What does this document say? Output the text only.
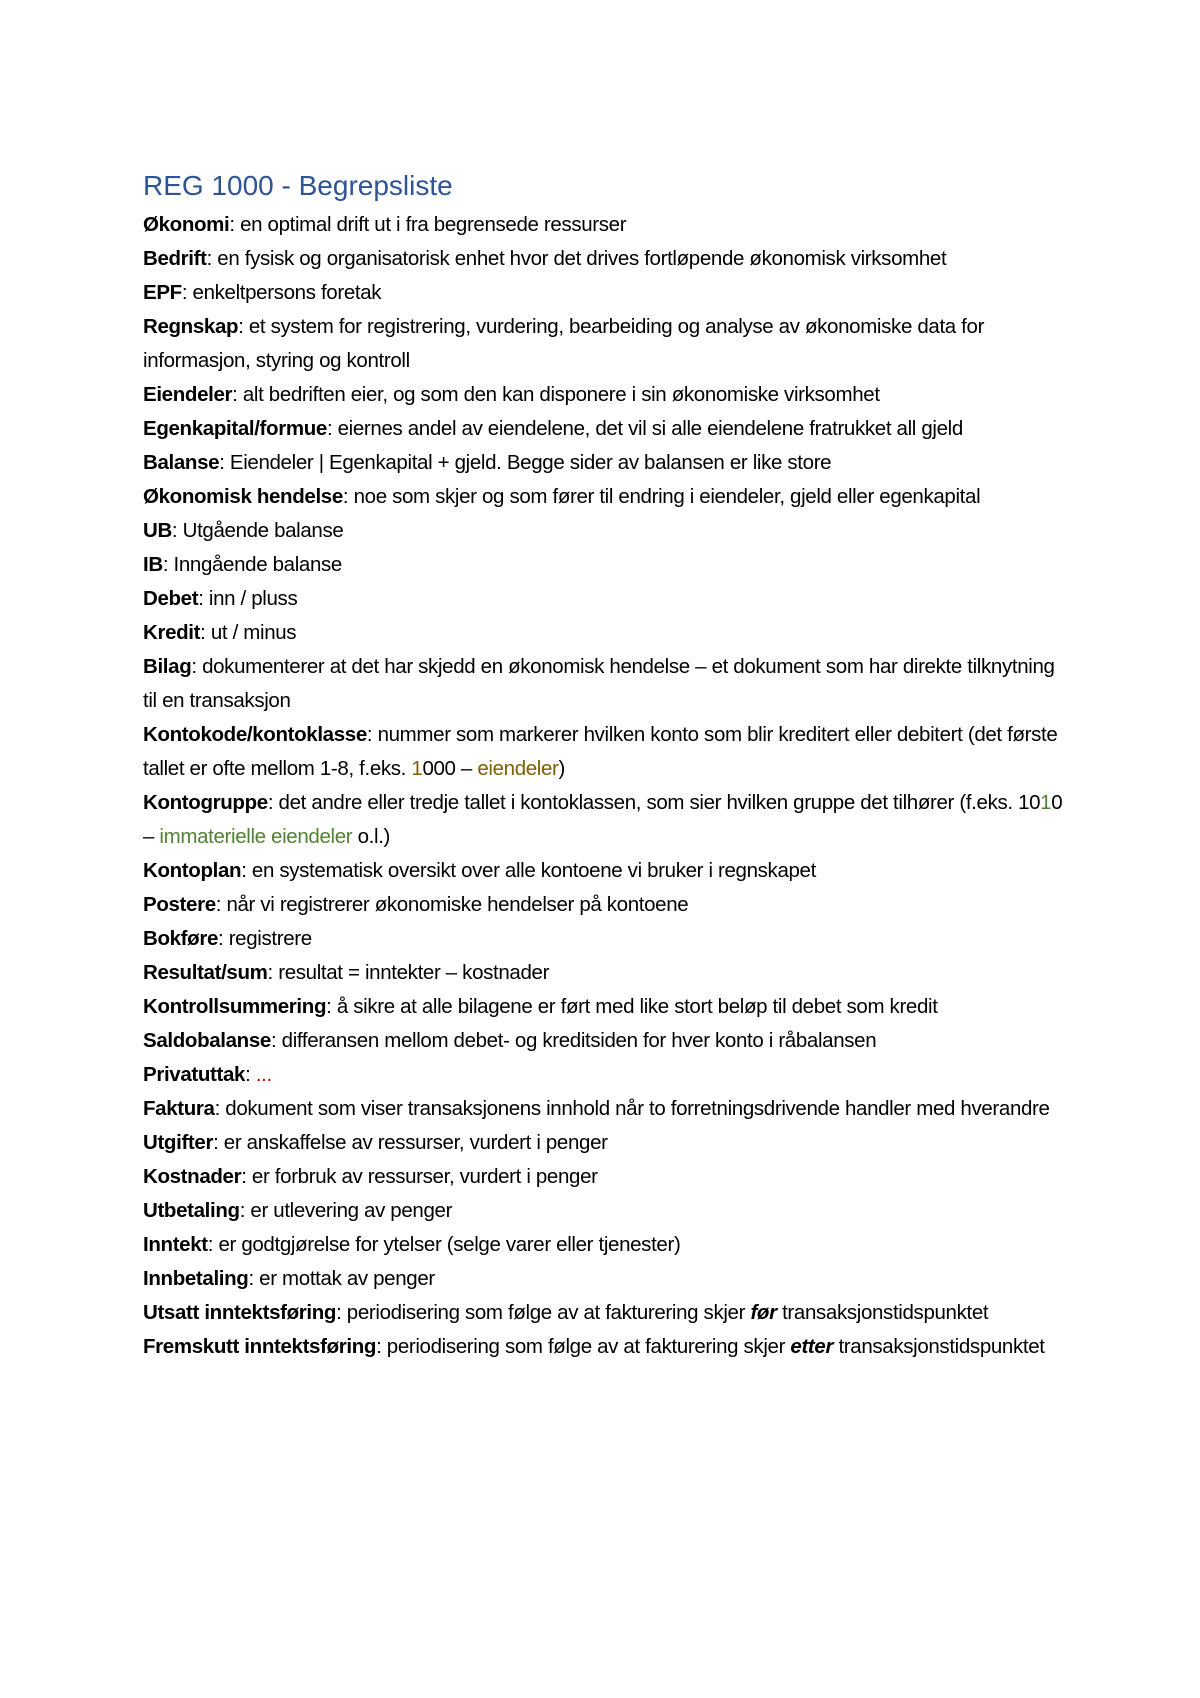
REG 1000 - Begrepsliste

Økonomi: en optimal drift ut i fra begrensede ressurser

Bedrift: en fysisk og organisatorisk enhet hvor det drives fortløpende økonomisk virksomhet

EPF: enkeltpersons foretak

Regnskap: et system for registrering, vurdering, bearbeiding og analyse av økonomiske data for informasjon, styring og kontroll

Eiendeler: alt bedriften eier, og som den kan disponere i sin økonomiske virksomhet

Egenkapital/formue: eiernes andel av eiendelene, det vil si alle eiendelene fratrukket all gjeld

Balanse: Eiendeler | Egenkapital + gjeld. Begge sider av balansen er like store

Økonomisk hendelse: noe som skjer og som fører til endring i eiendeler, gjeld eller egenkapital

UB: Utgående balanse

IB: Inngående balanse

Debet: inn / pluss

Kredit: ut / minus

Bilag: dokumenterer at det har skjedd en økonomisk hendelse – et dokument som har direkte tilknytning til en transaksjon

Kontokode/kontoklasse: nummer som markerer hvilken konto som blir kreditert eller debitert (det første tallet er ofte mellom 1-8, f.eks. 1000 – eiendeler)

Kontogruppe: det andre eller tredje tallet i kontoklassen, som sier hvilken gruppe det tilhører (f.eks. 1010 – immaterielle eiendeler o.l.)

Kontoplan: en systematisk oversikt over alle kontoene vi bruker i regnskapet

Postere: når vi registrerer økonomiske hendelser på kontoene

Bokføre: registrere

Resultat/sum: resultat = inntekter – kostnader

Kontrollsummering: å sikre at alle bilagene er ført med like stort beløp til debet som kredit

Saldobalanse: differansen mellom debet- og kreditsiden for hver konto i råbalansen

Privatuttak: ...

Faktura: dokument som viser transaksjonens innhold når to forretningsdrivende handler med hverandre

Utgifter: er anskaffelse av ressurser, vurdert i penger

Kostnader: er forbruk av ressurser, vurdert i penger

Utbetaling: er utlevering av penger

Inntekt: er godtgjørelse for ytelser (selge varer eller tjenester)

Innbetaling: er mottak av penger

Utsatt inntektsføring: periodisering som følge av at fakturering skjer før transaksjonstidspunktet

Fremskutt inntektsføring: periodisering som følge av at fakturering skjer etter transaksjonstidspunktet
